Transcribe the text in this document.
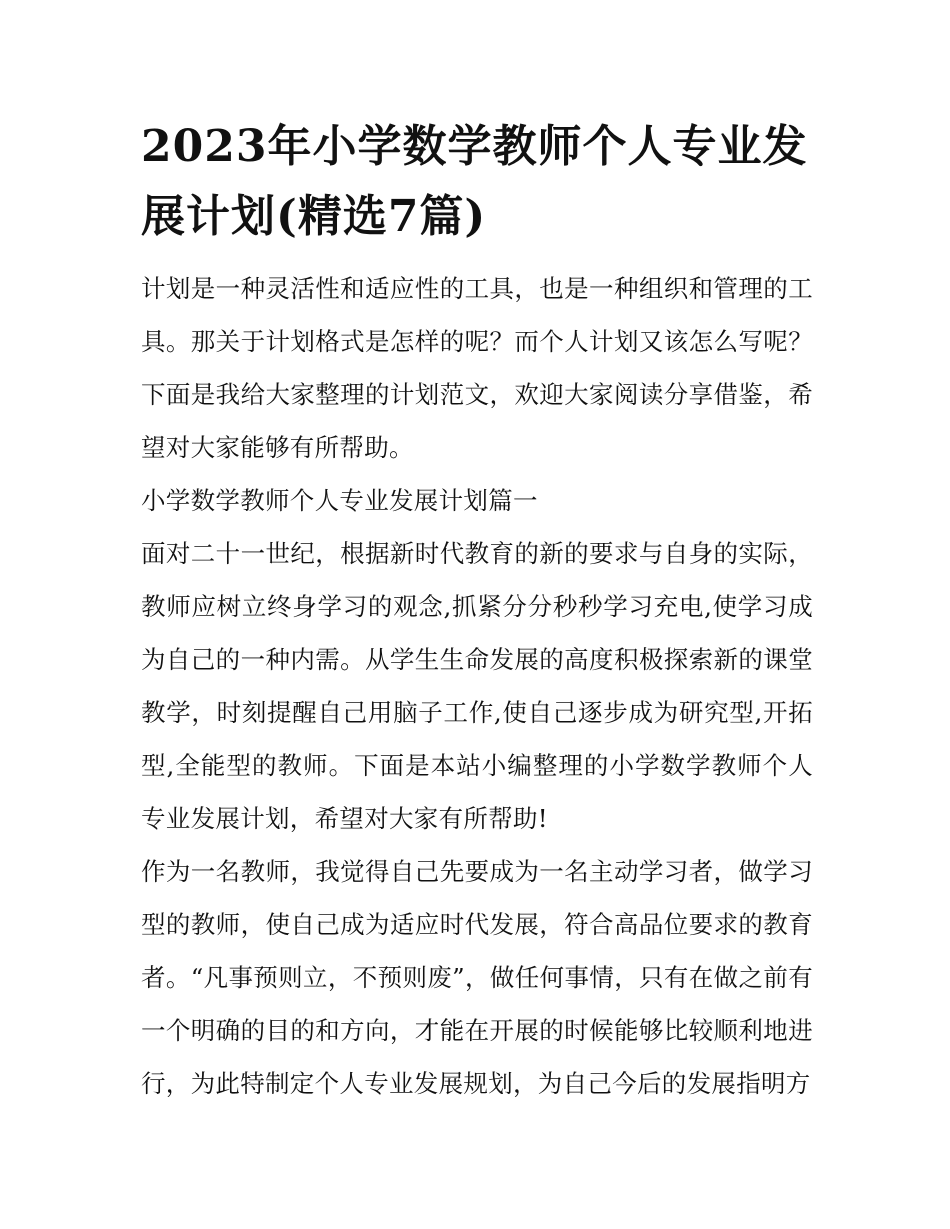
2023年小学数学教师个人专业发展计划(精选7篇)

计划是一种灵活性和适应性的工具，也是一种组织和管理的工具。那关于计划格式是怎样的呢？而个人计划又该怎么写呢？下面是我给大家整理的计划范文，欢迎大家阅读分享借鉴，希望对大家能够有所帮助。

小学数学教师个人专业发展计划篇一

面对二十一世纪，根据新时代教育的新的要求与自身的实际，教师应树立终身学习的观念,抓紧分分秒秒学习充电,使学习成为自己的一种内需。从学生生命发展的高度积极探索新的课堂教学，时刻提醒自己用脑子工作,使自己逐步成为研究型,开拓型,全能型的教师。下面是本站小编整理的小学数学教师个人专业发展计划，希望对大家有所帮助!

作为一名教师，我觉得自己先要成为一名主动学习者，做学习型的教师，使自己成为适应时代发展，符合高品位要求的教育者。“凡事预则立，不预则废”，做任何事情，只有在做之前有一个明确的目的和方向，才能在开展的时候能够比较顺利地进行，为此特制定个人专业发展规划，为自己今后的发展指明方
